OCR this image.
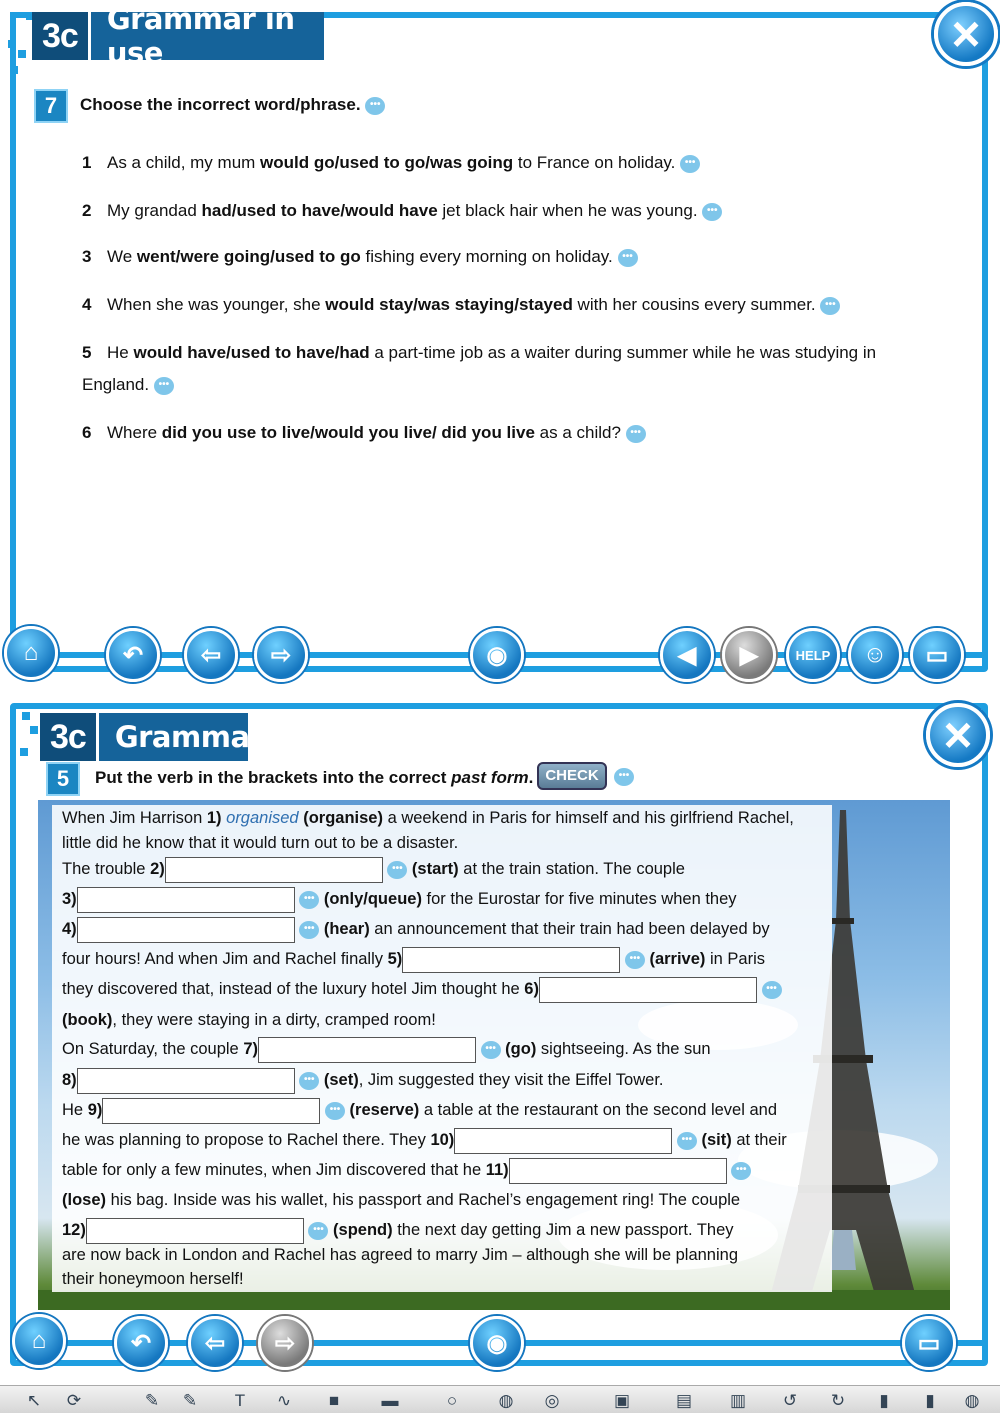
3c	Grammar in use	×
7	Choose the incorrect word/phrase. •••
1 As a child, my mum would go/used to go/was going to France on holiday. •••
2 My grandad had/used to have/would have jet black hair when he was young. •••
3 We went/were going/used to go fishing every morning on holiday. •••
4 When she was younger, she would stay/was staying/stayed with her cousins every summer. •••
5 He would have/used to have/had a part-time job as a waiter during summer while he was studying in England. •••
6 Where did you use to live/would you live/ did you live as a child? •••
⌂	↶ ⇦ ⇨	◉	◀ ▶	HELP ☺ ▭
3c	Grammar	×
5	Put the verb in the brackets into the correct past form. CHECK	•••
When Jim Harrison 1) organised (organise) a weekend in Paris for himself and his girlfriend Rachel,
little did he know that it would turn out to be a disaster.
The trouble 2)	••• (start) at the train station. The couple
3)	••• (only/queue) for the Eurostar for five minutes when they
4)	••• (hear) an announcement that their train had been delayed by
four hours! And when Jim and Rachel finally 5)	••• (arrive) in Paris
they discovered that, instead of the luxury hotel Jim thought he 6)	•••
(book), they were staying in a dirty, cramped room!
On Saturday, the couple 7)	••• (go) sightseeing. As the sun
8)	••• (set), Jim suggested they visit the Eiffel Tower.
He 9)	••• (reserve) a table at the restaurant on the second level and
he was planning to propose to Rachel there. They 10)	••• (sit) at their
table for only a few minutes, when Jim discovered that he 11)	•••
(lose) his bag. Inside was his wallet, his passport and Rachel’s engagement ring! The couple
12)	••• (spend) the next day getting Jim a new passport. They
are now back in London and Rachel has agreed to marry Jim – although she will be planning
their honeymoon herself!
⌂	↶ ⇦ ⇨	◉	▭
↖ ⟳	✎ ✎	T	∿	■	▬	○	◍ ◎	▣	▤ ▥ ↺ ↻	▮	▮	◍
